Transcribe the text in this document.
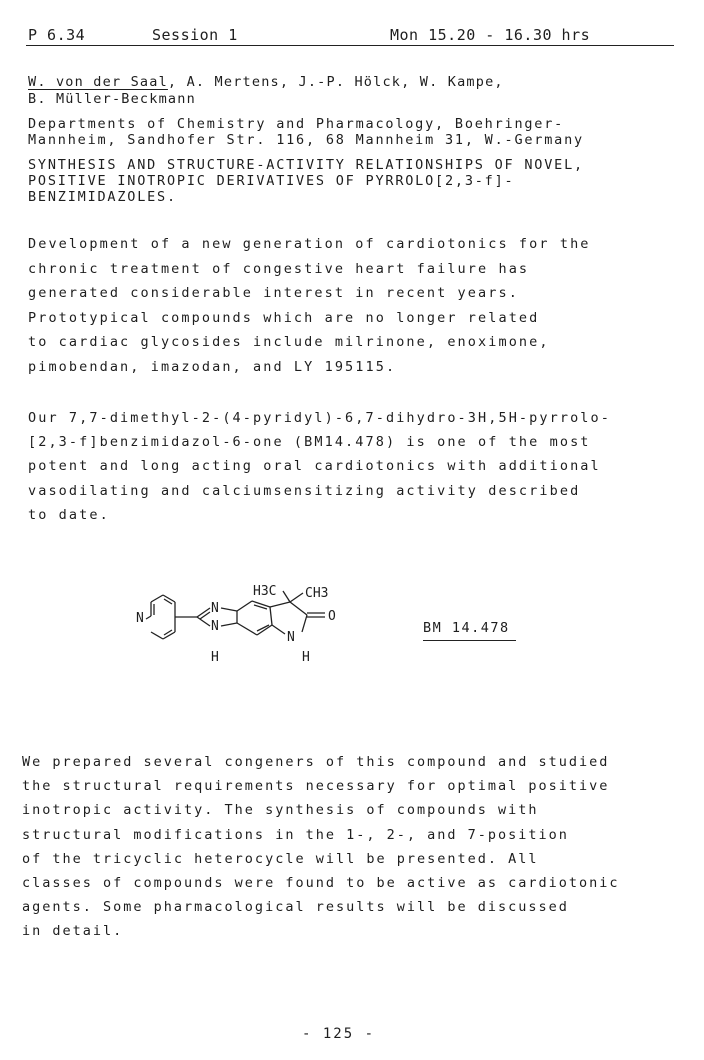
P 6.34	Session 1	Mon 15.20 - 16.30 hrs
W. von der Saal, A. Mertens, J.-P. Hölck, W. Kampe,
B. Müller-Beckmann
Departments of Chemistry and Pharmacology, Boehringer-
Mannheim, Sandhofer Str. 116, 68 Mannheim 31, W.-Germany
SYNTHESIS AND STRUCTURE-ACTIVITY RELATIONSHIPS OF NOVEL,
POSITIVE INOTROPIC DERIVATIVES OF PYRROLO[2,3-f]-
BENZIMIDAZOLES.
Development of a new generation of cardiotonics for the
chronic treatment of congestive heart failure has
generated considerable interest in recent years.
Prototypical compounds which are no longer related
to cardiac glycosides include milrinone, enoximone,
pimobendan, imazodan, and LY 195115.
Our 7,7-dimethyl-2-(4-pyridyl)-6,7-dihydro-3H,5H-pyrrolo-
[2,3-f]benzimidazol-6-one (BM14.478) is one of the most
potent and long acting oral cardiotonics with additional
vasodilating and calciumsensitizing activity described
to date.
N
N
N
H
H3C CH3
N
H
O
BM 14.478
We prepared several congeners of this compound and studied
the structural requirements necessary for optimal positive
inotropic activity. The synthesis of compounds with
structural modifications in the 1-, 2-, and 7-position
of the tricyclic heterocycle will be presented. All
classes of compounds were found to be active as cardiotonic
agents. Some pharmacological results will be discussed
in detail.
- 125 -
